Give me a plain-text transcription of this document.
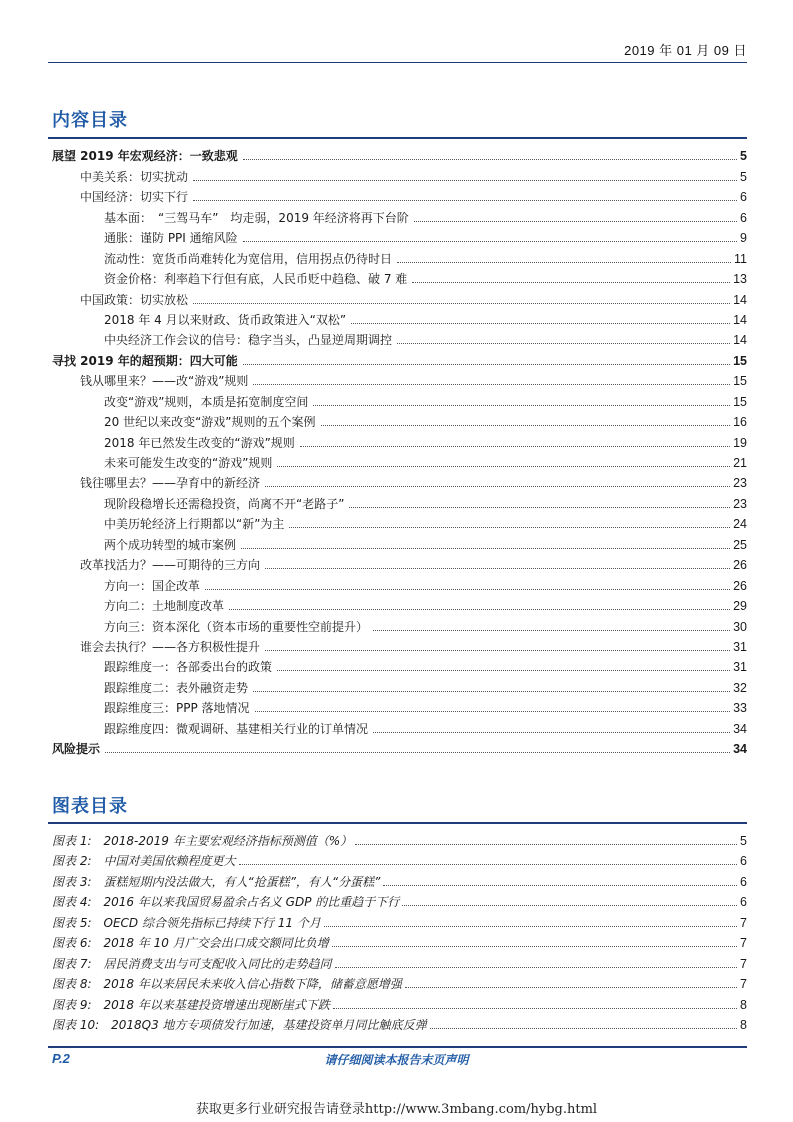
2019 年 01 月 09 日
内容目录
展望 2019 年宏观经济：一致悲观	5
中美关系：切实扰动	5
中国经济：切实下行	6
基本面：　“三驾马车”　均走弱，2019 年经济将再下台阶	6
通胀：谨防 PPI 通缩风险	9
流动性：宽货币尚难转化为宽信用，信用拐点仍待时日	11
资金价格：利率趋下行但有底，人民币贬中趋稳、破 7 难	13
中国政策：切实放松	14
2018 年 4 月以来财政、货币政策进入“双松”	14
中央经济工作会议的信号：稳字当头，凸显逆周期调控	14
寻找 2019 年的超预期：四大可能	15
钱从哪里来？——改“游戏”规则	15
改变“游戏”规则，本质是拓宽制度空间	15
20 世纪以来改变“游戏”规则的五个案例	16
2018 年已然发生改变的“游戏”规则	19
未来可能发生改变的“游戏”规则	21
钱往哪里去？——孕育中的新经济	23
现阶段稳增长还需稳投资，尚离不开“老路子”	23
中美历轮经济上行期都以“新”为主	24
两个成功转型的城市案例	25
改革找活力？——可期待的三方向	26
方向一：国企改革	26
方向二：土地制度改革	29
方向三：资本深化（资本市场的重要性空前提升）	30
谁会去执行？——各方积极性提升	31
跟踪维度一：各部委出台的政策	31
跟踪维度二：表外融资走势	32
跟踪维度三：PPP 落地情况	33
跟踪维度四：微观调研、基建相关行业的订单情况	34
风险提示	34
图表目录
图表 1:　2018-2019 年主要宏观经济指标预测值（%）	5
图表 2:　中国对美国依赖程度更大	6
图表 3:　蛋糕短期内没法做大，有人“抢蛋糕”，有人“分蛋糕”	6
图表 4:　2016 年以来我国贸易盈余占名义 GDP 的比重趋于下行	6
图表 5:　OECD 综合领先指标已持续下行 11 个月	7
图表 6:　2018 年 10 月广交会出口成交额同比负增	7
图表 7:　居民消费支出与可支配收入同比的走势趋同	7
图表 8:　2018 年以来居民未来收入信心指数下降，储蓄意愿增强	7
图表 9:　2018 年以来基建投资增速出现断崖式下跌	8
图表 10:　2018Q3 地方专项债发行加速，基建投资单月同比触底反弹	8
P.2	请仔细阅读本报告末页声明
获取更多行业研究报告请登录http://www.3mbang.com/hybg.html
